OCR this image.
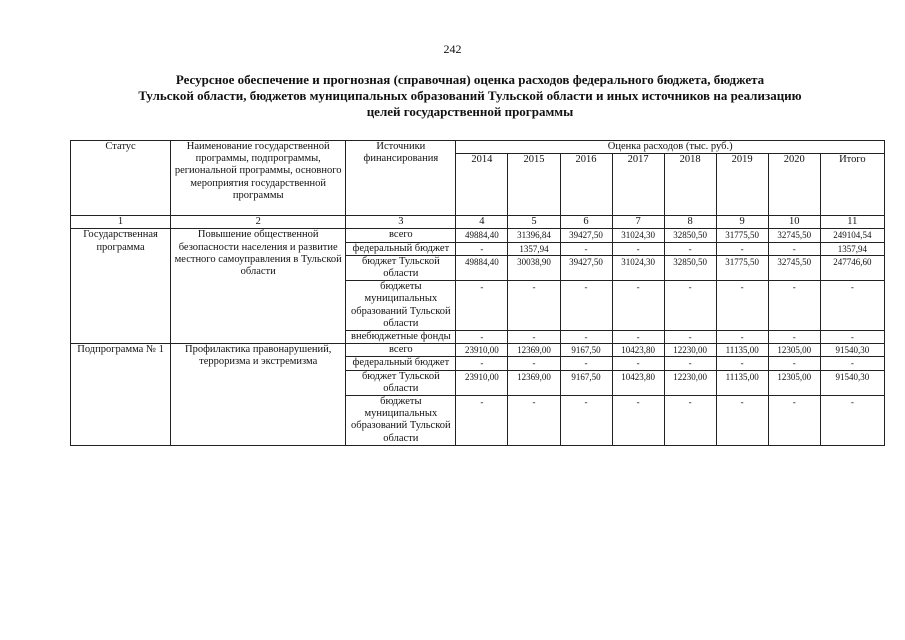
242
Ресурсное обеспечение и прогнозная (справочная) оценка расходов федерального бюджета, бюджета
Тульской области, бюджетов муниципальных образований Тульской области и иных источников на реализацию
целей государственной программы
Статус	Наименование государственной программы, подпрограммы, региональной программы, основного мероприятия государственной программы	Источники финансирования	Оценка расходов (тыс. руб.)							
			2014	2015	2016	2017	2018	2019	2020	Итого
1	2	3	4	5	6	7	8	9	10	11
Государственная программа	Повышение общественной безопасности населения и развитие местного самоуправления в Тульской области	всего	49884,40	31396,84	39427,50	31024,30	32850,50	31775,50	32745,50	249104,54
		федеральный бюджет	-	1357,94	-	-	-	-	-	1357,94
		бюджет Тульской области	49884,40	30038,90	39427,50	31024,30	32850,50	31775,50	32745,50	247746,60
		бюджеты муниципальных образований Тульской области	-	-	-	-	-	-	-	-
		внебюджетные фонды	-	-	-	-	-	-	-	-
Подпрограмма № 1	Профилактика правонарушений, терроризма и экстремизма	всего	23910,00	12369,00	9167,50	10423,80	12230,00	11135,00	12305,00	91540,30
		федеральный бюджет	-	-	-	-	-	-	-	-
		бюджет Тульской области	23910,00	12369,00	9167,50	10423,80	12230,00	11135,00	12305,00	91540,30
		бюджеты муниципальных образований Тульской области	-	-	-	-	-	-	-	-
